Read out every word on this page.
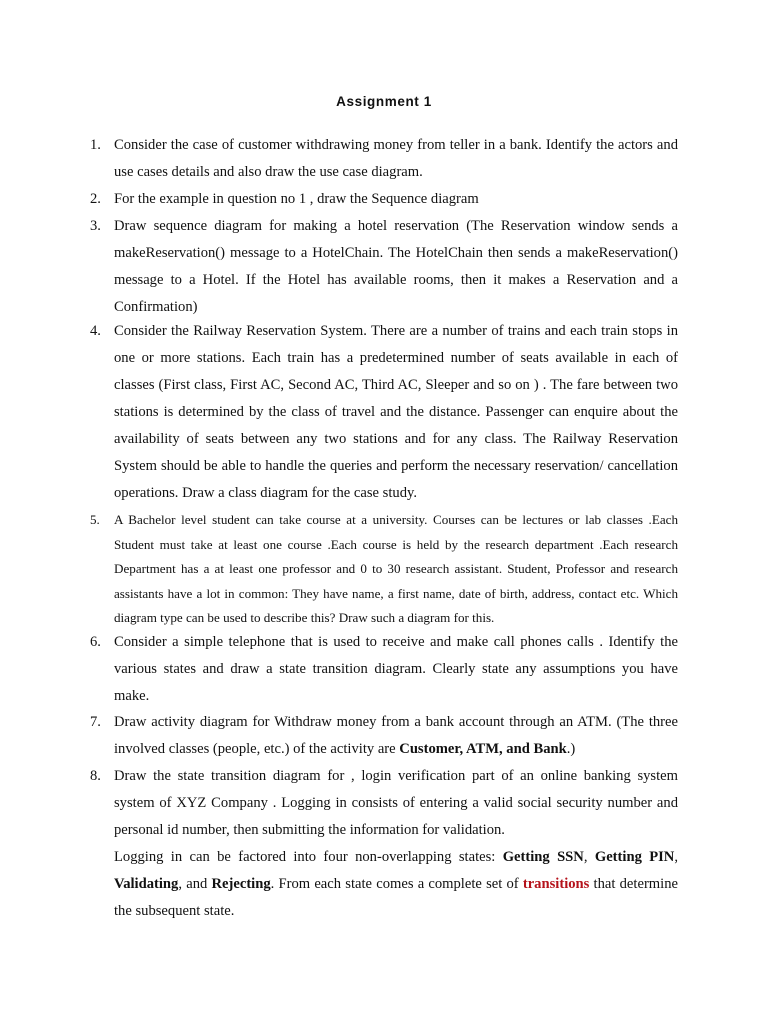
Assignment 1
1. Consider the case of customer withdrawing money from teller in a bank. Identify the actors and use cases details and also draw the use case diagram.
2. For the example in question no 1 , draw the Sequence diagram
3. Draw sequence diagram for making a hotel reservation (The Reservation window sends a makeReservation() message to a HotelChain. The HotelChain then sends a makeReservation() message to a Hotel. If the Hotel has available rooms, then it makes a Reservation and a Confirmation)
4. Consider the Railway Reservation System. There are a number of trains and each train stops in one or more stations. Each train has a predetermined number of seats available in each of classes (First class, First AC, Second AC, Third AC, Sleeper and so on ) . The fare between two stations is determined by the class of travel and the distance. Passenger can enquire about the availability of seats between any two stations and for any class. The Railway Reservation System should be able to handle the queries and perform the necessary reservation/ cancellation operations. Draw a class diagram for the case study.
5.	A Bachelor level student can take course at a university. Courses can be lectures or lab classes .Each Student must take at least one course .Each course is held by the research department .Each research Department has a at least one professor and 0 to 30 research assistant. Student, Professor and research assistants have a lot in common: They have name, a first name, date of birth, address, contact etc. Which diagram type can be used to describe this? Draw such a diagram for this.
6. Consider a simple telephone that is used to receive and make call phones calls . Identify the various states and draw a state transition diagram. Clearly state any assumptions you have make.
7. Draw activity diagram for Withdraw money from a bank account through an ATM. (The three involved classes (people, etc.) of the activity are Customer, ATM, and Bank.)
8. Draw the state transition diagram for , login verification part of an online banking system system of XYZ Company . Logging in consists of entering a valid social security number and personal id number, then submitting the information for validation.
Logging in can be factored into four non-overlapping states: Getting SSN, Getting PIN, Validating, and Rejecting. From each state comes a complete set of transitions that determine the subsequent state.
